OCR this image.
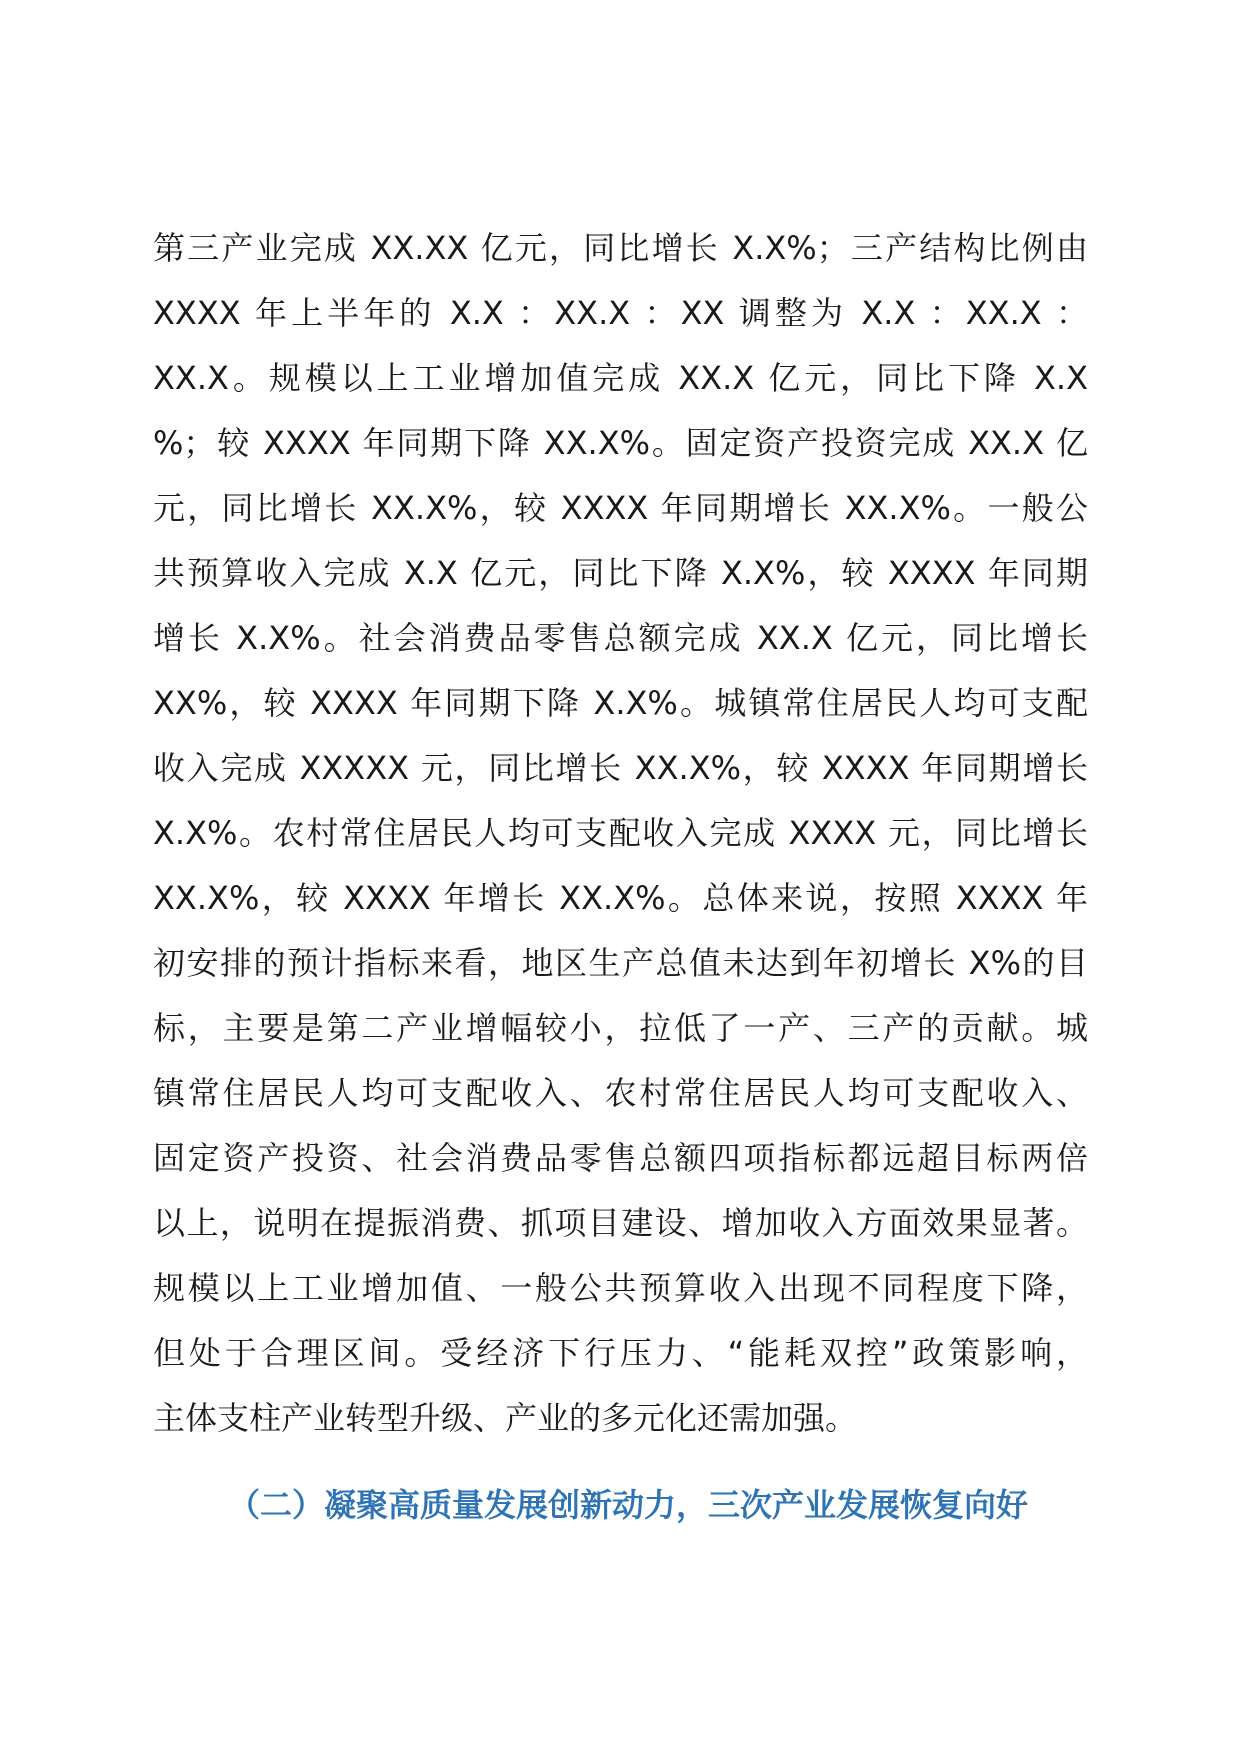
第三产业完成 XX.XX 亿元，同比增长 X.X%；三产结构比例由
XXXX 年上半年的 X.X ：XX.X ：XX 调整为 X.X ：XX.X ：
XX.X。规模以上工业增加值完成 XX.X 亿元，同比下降 X.X
%；较 XXXX 年同期下降 XX.X%。固定资产投资完成 XX.X 亿
元，同比增长 XX.X%，较 XXXX 年同期增长 XX.X%。一般公
共预算收入完成 X.X 亿元，同比下降 X.X%，较 XXXX 年同期
增长 X.X%。社会消费品零售总额完成 XX.X 亿元，同比增长
XX%，较 XXXX 年同期下降 X.X%。城镇常住居民人均可支配
收入完成 XXXXX 元，同比增长 XX.X%，较 XXXX 年同期增长
X.X%。农村常住居民人均可支配收入完成 XXXX 元，同比增长
XX.X%，较 XXXX 年增长 XX.X%。总体来说，按照 XXXX 年
初安排的预计指标来看，地区生产总值未达到年初增长 X%的目
标，主要是第二产业增幅较小，拉低了一产、三产的贡献。城
镇常住居民人均可支配收入、农村常住居民人均可支配收入、
固定资产投资、社会消费品零售总额四项指标都远超目标两倍
以上，说明在提振消费、抓项目建设、增加收入方面效果显著。
规模以上工业增加值、一般公共预算收入出现不同程度下降，
但处于合理区间。受经济下行压力、“能耗双控”政策影响，
主体支柱产业转型升级、产业的多元化还需加强。
（二）凝聚高质量发展创新动力，三次产业发展恢复向好
